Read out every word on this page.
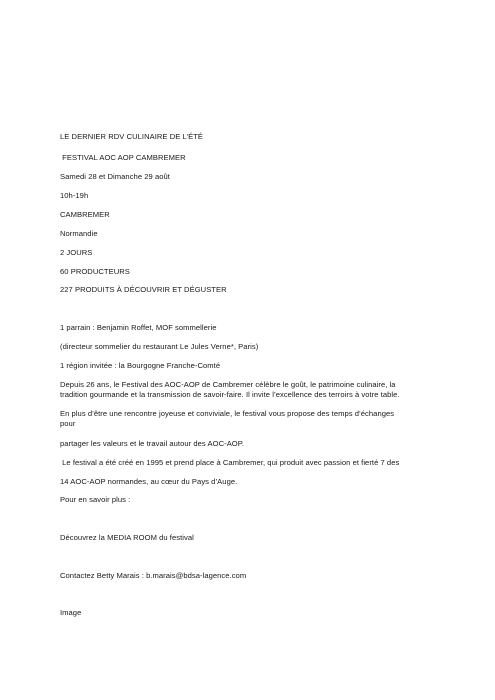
LE DERNIER RDV CULINAIRE DE L’ÉTÉ
FESTIVAL AOC AOP CAMBREMER
Samedi 28 et Dimanche 29 août
10h-19h
CAMBREMER
Normandie
2 JOURS
60 PRODUCTEURS
227 PRODUITS À DÉCOUVRIR ET DÉGUSTER
1 parrain : Benjamin Roffet, MOF sommellerie
(directeur sommelier du restaurant Le Jules Verne*, Paris)
1 région invitée : la Bourgogne Franche-Comté
Depuis 26 ans, le Festival des AOC-AOP de Cambremer célèbre le goût, le patrimoine culinaire, la
tradition gourmande et la transmission de savoir-faire. Il invite l’excellence des terroirs à votre table.
En plus d’être une rencontre joyeuse et conviviale, le festival vous propose des temps d’échanges
pour
partager les valeurs et le travail autour des AOC-AOP.
Le festival a été créé en 1995 et prend place à Cambremer, qui produit avec passion et fierté 7 des
14 AOC-AOP normandes, au cœur du Pays d’Auge.
Pour en savoir plus :
Découvrez la MEDIA ROOM du festival
Contactez Betty Marais : b.marais@bdsa-lagence.com
Image
